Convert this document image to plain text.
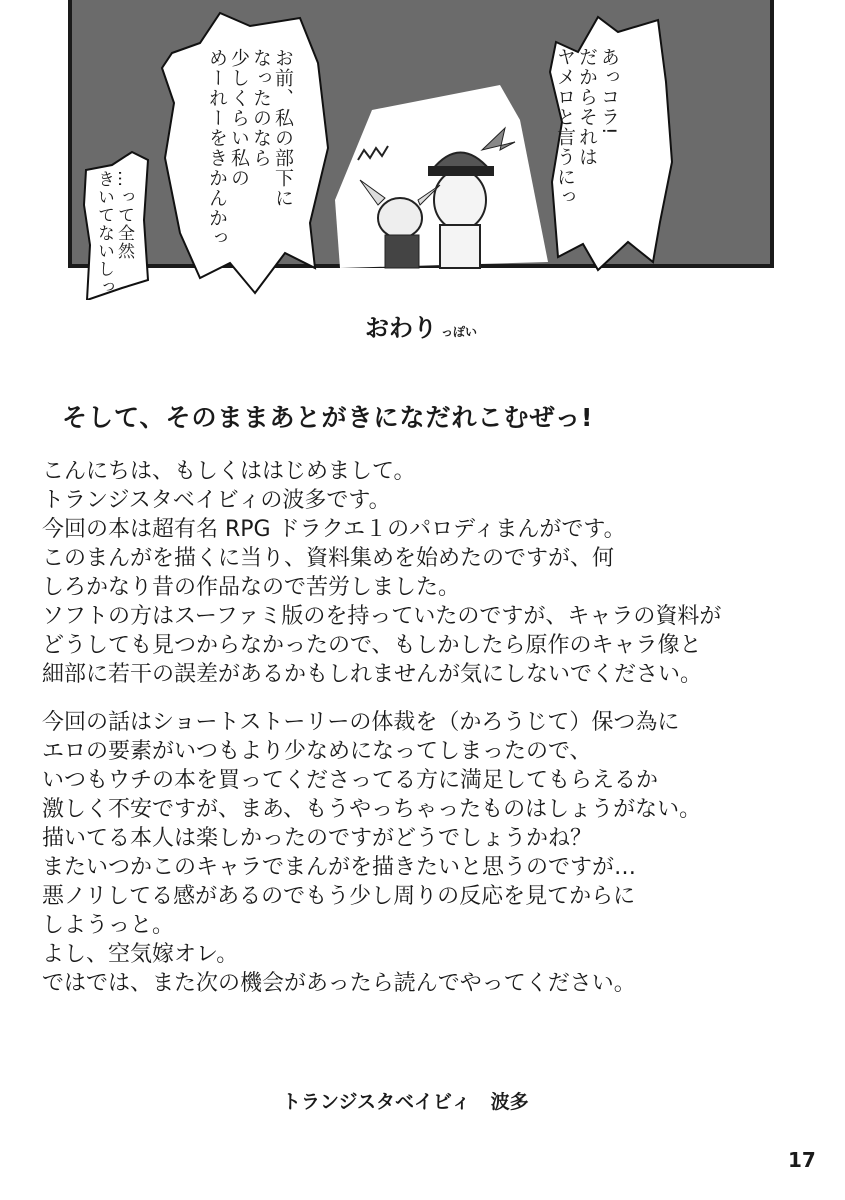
あっコラ!
だからそれは
ヤメロと言うにっ
お前、私の部下に
なったのなら
少しくらい私の
めーれーをきかんかっ
…って全然
きいてないしっ
おわり っぽい
そして、そのままあとがきになだれこむぜっ!

こんにちは、もしくははじめまして。

トランジスタベイビィの波多です。

今回の本は超有名 RPG ドラクエ１のパロディまんがです。

このまんがを描くに当り、資料集めを始めたのですが、何

しろかなり昔の作品なので苦労しました。

ソフトの方はスーファミ版のを持っていたのですが、キャラの資料が

どうしても見つからなかったので、もしかしたら原作のキャラ像と

細部に若干の誤差があるかもしれませんが気にしないでください。

今回の話はショートストーリーの体裁を（かろうじて）保つ為に

エロの要素がいつもより少なめになってしまったので、

いつもウチの本を買ってくださってる方に満足してもらえるか

激しく不安ですが、まあ、もうやっちゃったものはしょうがない。

描いてる本人は楽しかったのですがどうでしょうかね？

またいつかこのキャラでまんがを描きたいと思うのですが…

悪ノリしてる感があるのでもう少し周りの反応を見てからに

しようっと。

よし、空気嫁オレ。

ではでは、また次の機会があったら読んでやってください。

トランジスタベイビィ 波多
17
